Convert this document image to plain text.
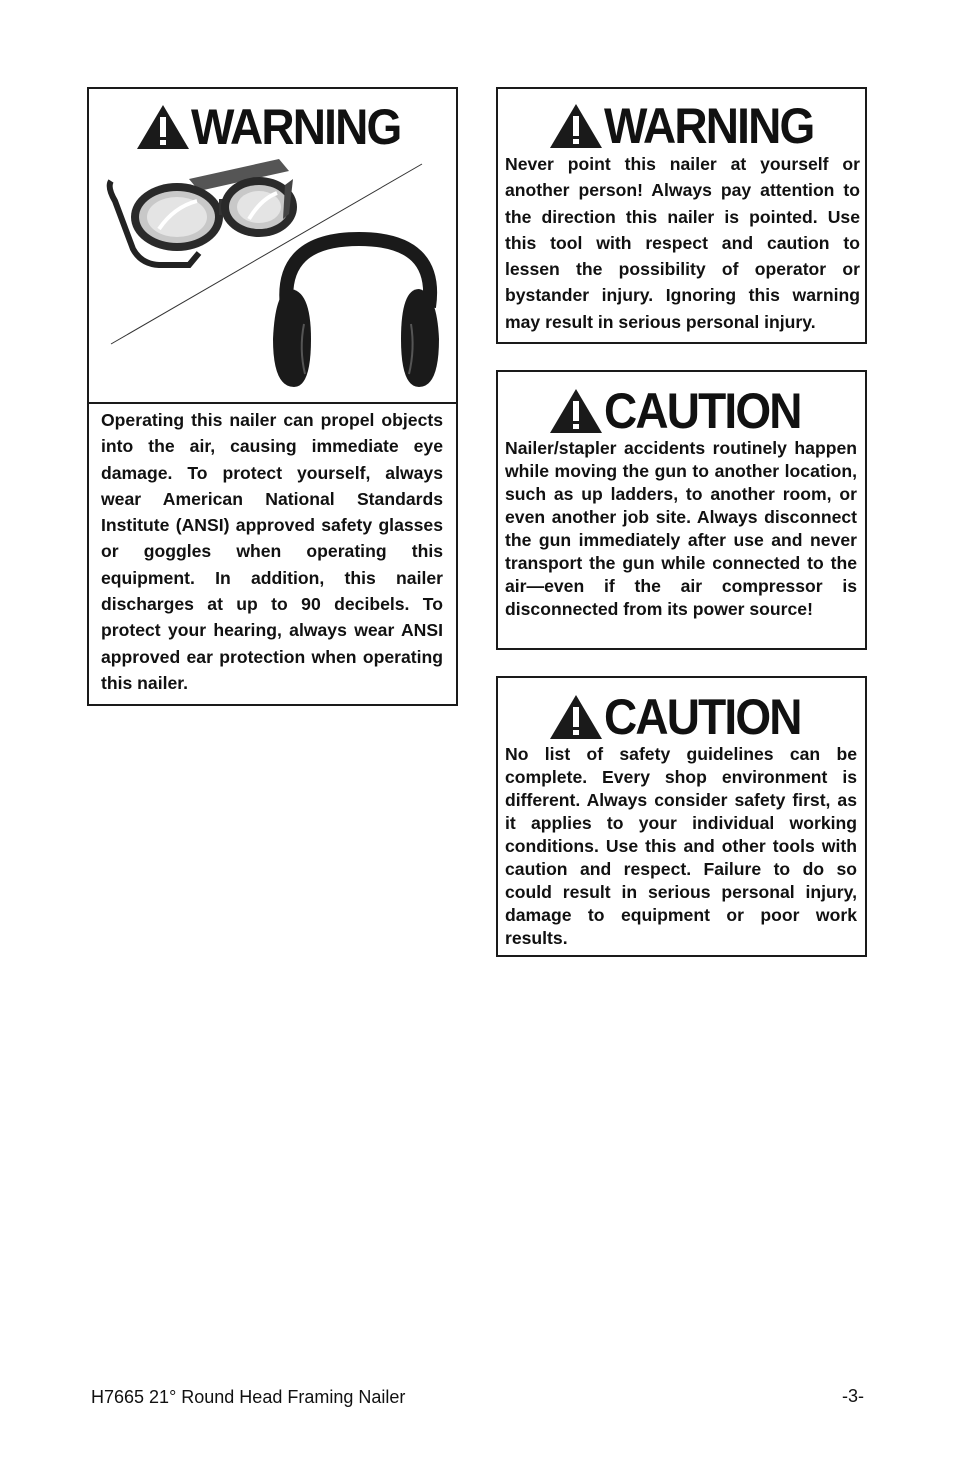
WARNING
Operating this nailer can propel objects into the air, causing immediate eye damage. To protect yourself, always wear American National Standards Institute (ANSI) approved safety glasses or goggles when operating this equipment. In addition, this nailer discharges at up to 90 decibels. To protect your hearing, always wear ANSI approved ear protection when operating this nailer.
WARNING
Never point this nailer at yourself or another person! Always pay attention to the direction this nailer is pointed. Use this tool with respect and caution to lessen the possibility of operator or bystander injury. Ignoring this warning may result in serious personal injury.
CAUTION
Nailer/stapler accidents routinely happen while moving the gun to another location, such as up ladders, to another room, or even another job site. Always disconnect the gun immediately after use and never transport the gun while connected to the air—even if the air compressor is disconnected from its power source!
CAUTION
No list of safety guidelines can be complete. Every shop environment is different. Always consider safety first, as it applies to your individual working conditions. Use this and other tools with caution and respect. Failure to do so could result in serious personal injury, damage to equipment or poor work results.
H7665 21° Round Head Framing Nailer	-3-
